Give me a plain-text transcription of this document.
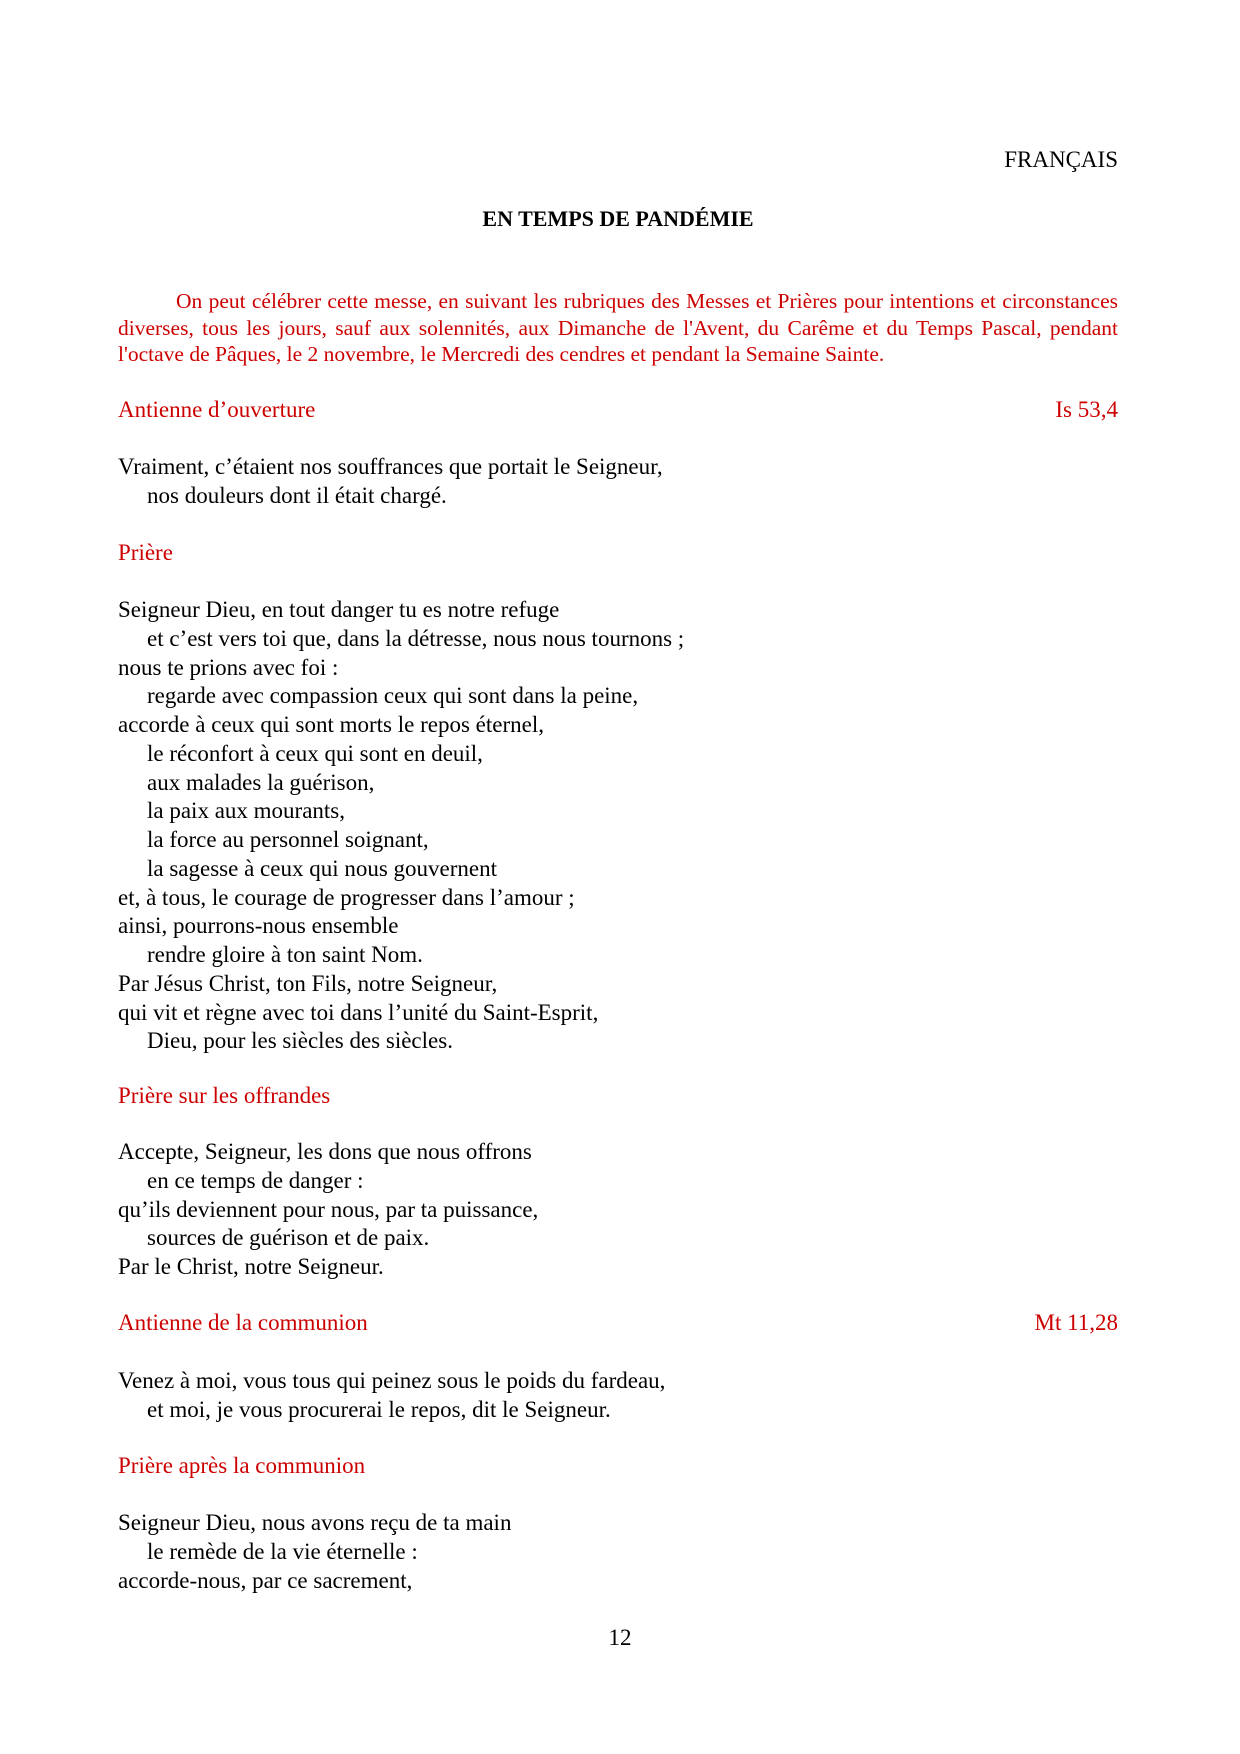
FRANÇAIS
EN TEMPS DE PANDÉMIE

On peut célébrer cette messe, en suivant les rubriques des Messes et Prières pour intentions et circonstances diverses, tous les jours, sauf aux solennités, aux Dimanche de l'Avent, du Carême et du Temps Pascal, pendant l'octave de Pâques, le 2 novembre, le Mercredi des cendres et pendant la Semaine Sainte.

Antienne d’ouverture	Is 53,4
Vraiment, c’étaient nos souffrances que portait le Seigneur,
nos douleurs dont il était chargé.
Prière
Seigneur Dieu, en tout danger tu es notre refuge
et c’est vers toi que, dans la détresse, nous nous tournons ;
nous te prions avec foi :
regarde avec compassion ceux qui sont dans la peine,
accorde à ceux qui sont morts le repos éternel,
le réconfort à ceux qui sont en deuil,
aux malades la guérison,
la paix aux mourants,
la force au personnel soignant,
la sagesse à ceux qui nous gouvernent
et, à tous, le courage de progresser dans l’amour ;
ainsi, pourrons-nous ensemble
rendre gloire à ton saint Nom.
Par Jésus Christ, ton Fils, notre Seigneur,
qui vit et règne avec toi dans l’unité du Saint-Esprit,
Dieu, pour les siècles des siècles.
Prière sur les offrandes
Accepte, Seigneur, les dons que nous offrons
en ce temps de danger :
qu’ils deviennent pour nous, par ta puissance,
sources de guérison et de paix.
Par le Christ, notre Seigneur.
Antienne de la communion	Mt 11,28
Venez à moi, vous tous qui peinez sous le poids du fardeau,
et moi, je vous procurerai le repos, dit le Seigneur.
Prière après la communion
Seigneur Dieu, nous avons reçu de ta main
le remède de la vie éternelle :
accorde-nous, par ce sacrement,
12
